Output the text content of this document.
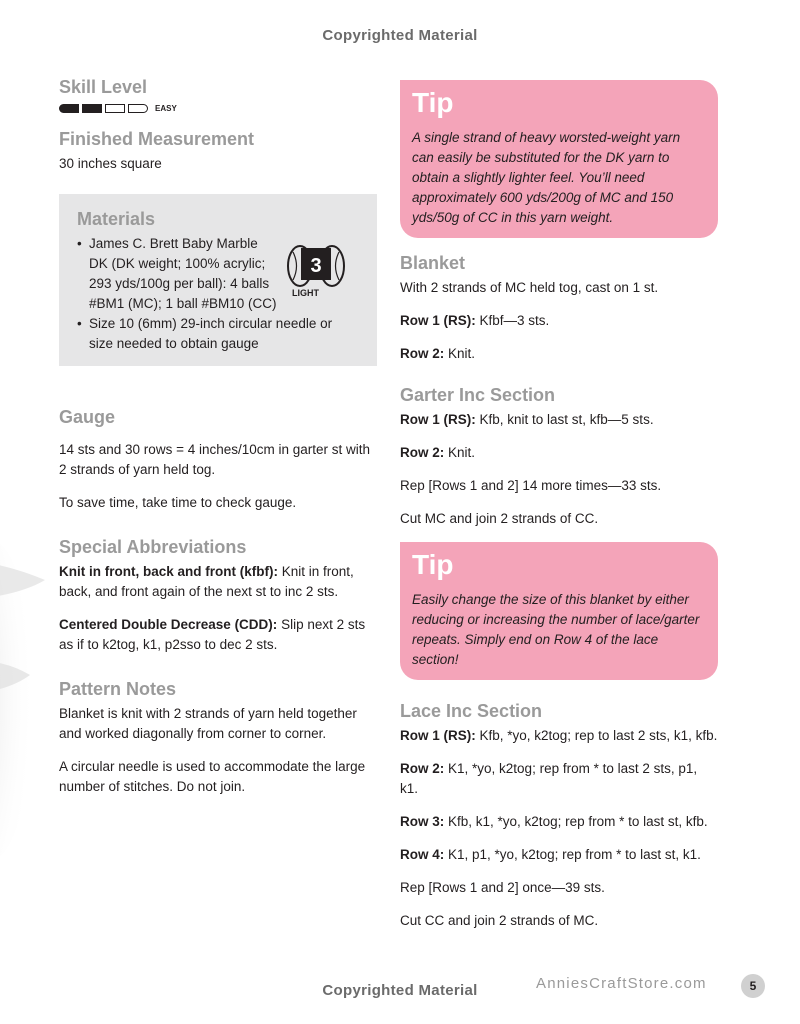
Copyrighted Material
Skill Level
EASY
Finished Measurement

30 inches square

Materials
• James C. Brett Baby Marble DK (DK weight; 100% acrylic; 293 yds/100g per ball): 4 balls #BM1 (MC); 1 ball #BM10 (CC)
• Size 10 (6mm) 29-inch circular needle or size needed to obtain gauge
3
LIGHT
Gauge

14 sts and 30 rows = 4 inches/10cm in garter st with 2 strands of yarn held tog.

To save time, take time to check gauge.

Special Abbreviations

Knit in front, back and front (kfbf): Knit in front, back, and front again of the next st to inc 2 sts.

Centered Double Decrease (CDD): Slip next 2 sts as if to k2tog, k1, p2sso to dec 2 sts.

Pattern Notes

Blanket is knit with 2 strands of yarn held together and worked diagonally from corner to corner.

A circular needle is used to accommodate the large number of stitches. Do not join.

Tip

A single strand of heavy worsted-weight yarn can easily be substituted for the DK yarn to obtain a slightly lighter feel. You’ll need approximately 600 yds/200g of MC and 150 yds/50g of CC in this yarn weight.

Blanket

With 2 strands of MC held tog, cast on 1 st.

Row 1 (RS): Kfbf—3 sts.

Row 2: Knit.

Garter Inc Section

Row 1 (RS): Kfb, knit to last st, kfb—5 sts.

Row 2: Knit.

Rep [Rows 1 and 2] 14 more times—33 sts.

Cut MC and join 2 strands of CC.

Tip

Easily change the size of this blanket by either reducing or increasing the number of lace/garter repeats. Simply end on Row 4 of the lace section!

Lace Inc Section

Row 1 (RS): Kfb, *yo, k2tog; rep to last 2 sts, k1, kfb.

Row 2: K1, *yo, k2tog; rep from * to last 2 sts, p1, k1.

Row 3: Kfb, k1, *yo, k2tog; rep from * to last st, kfb.

Row 4: K1, p1, *yo, k2tog; rep from * to last st, k1.

Rep [Rows 1 and 2] once—39 sts.

Cut CC and join 2 strands of MC.

Copyrighted Material	AnniesCraftStore.com	5
